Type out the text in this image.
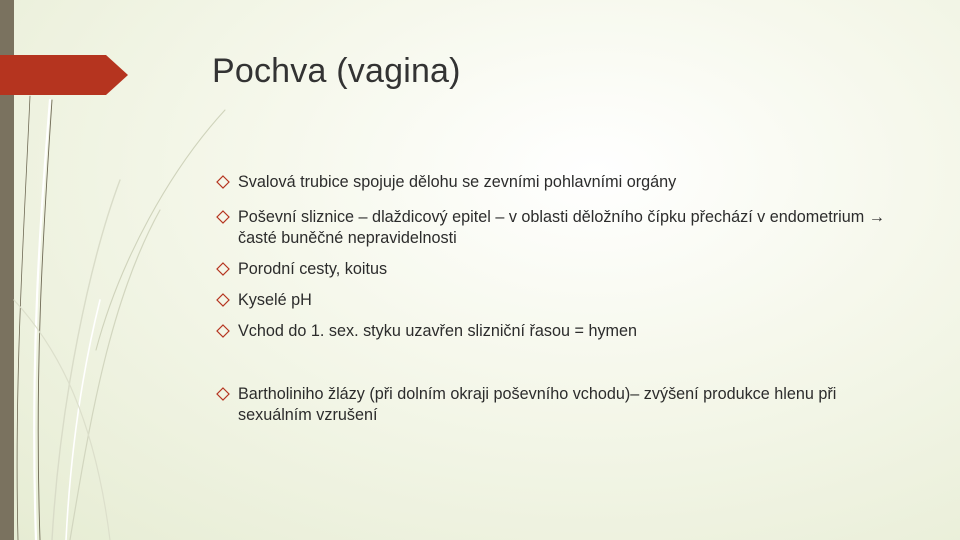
Pochva (vagina)
Svalová trubice spojuje dělohu se zevními pohlavními orgány
Poševní sliznice – dlaždicový epitel – v oblasti děložního čípku přechází v endometrium → časté buněčné nepravidelnosti
Porodní cesty, koitus
Kyselé pH
Vchod do 1. sex. styku uzavřen slizniční řasou = hymen
Bartholiniho žlázy (při dolním okraji poševního vchodu)– zvýšení produkce hlenu při sexuálním vzrušení
